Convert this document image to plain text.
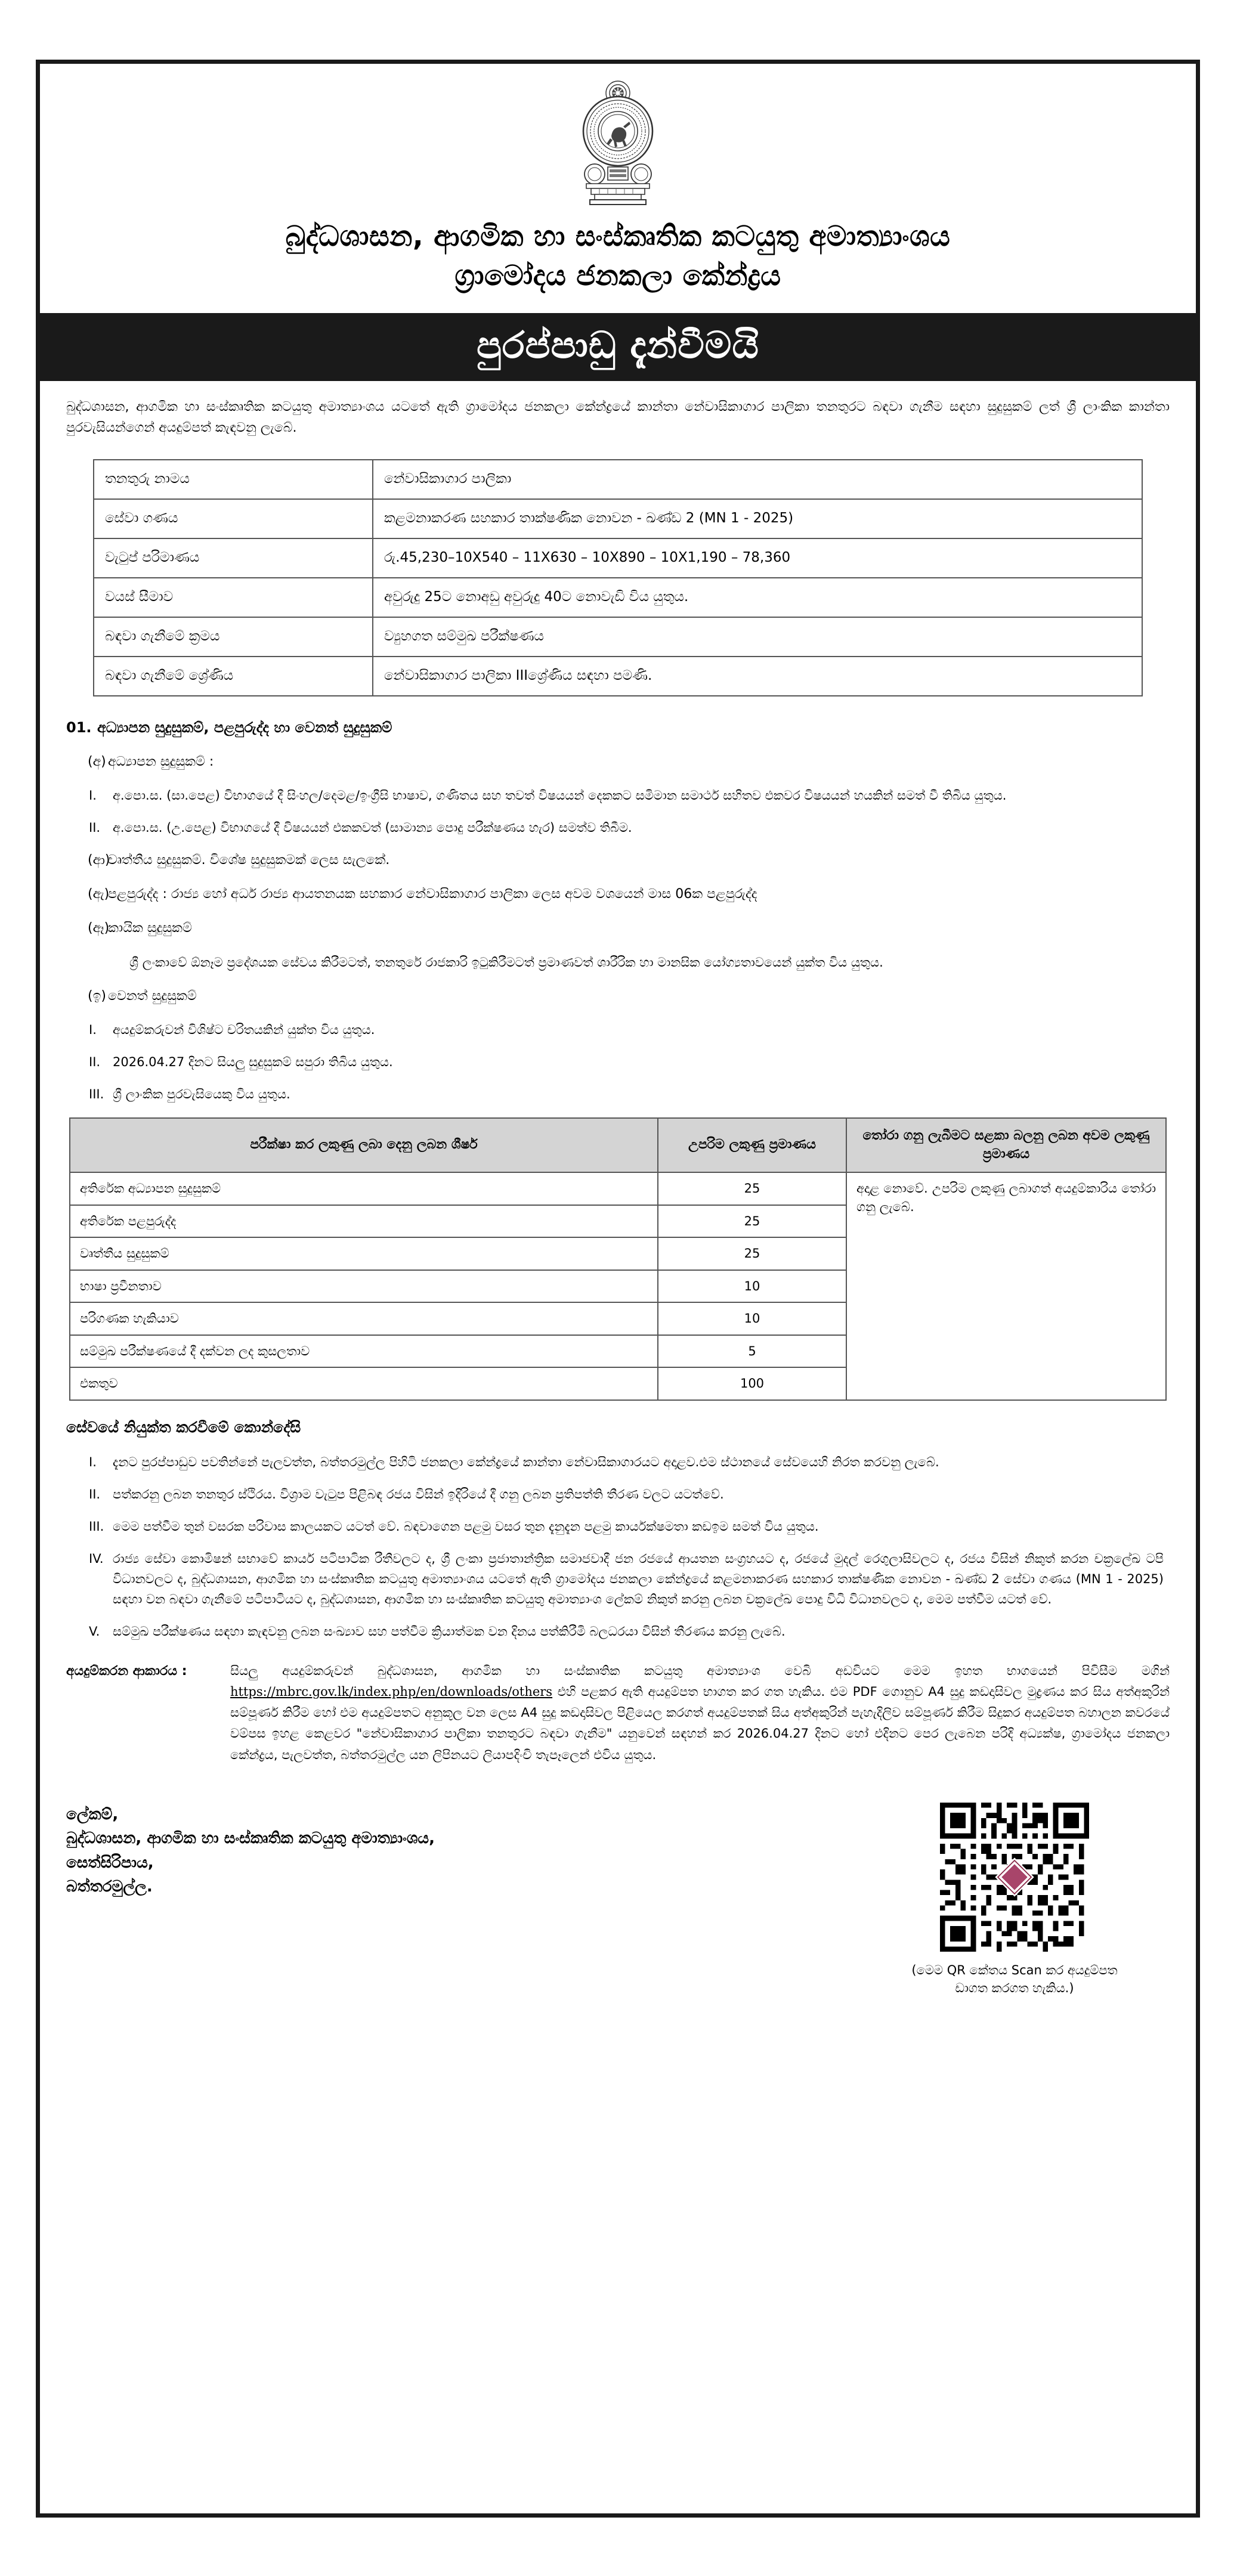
බුද්ධශාසන, ආගමික හා සංස්කෘතික කටයුතු අමාත්‍යාංශය
ග්‍රාමෝදය ජනකලා කේන්ද්‍රය
පුරප්පාඩු දැන්වීමයි

බුද්ධශාසන, ආගමික හා සංස්කෘතික කටයුතු අමාත්‍යාංශය යටතේ ඇති ග්‍රාමෝදය ජනකලා කේන්ද්‍රයේ කාන්තා නේවාසිකාගාර පාලිකා තනතුරට බඳවා ගැනීම සඳහා සුදුසුකම් ලත් ශ්‍රී ලාංකික කාන්තා පුරවැසියන්ගෙන් අයදුම්පත් කැඳවනු ලැබේ.

තනතුරු නාමය	නේවාසිකාගාර පාලිකා
සේවා ගණය	කළමනාකරණ සහකාර තාක්ෂණික නොවන - ඛණ්ඩ 2 (MN 1 - 2025)
වැටුප් පරිමාණය	රු.45,230–10X540 – 11X630 – 10X890 – 10X1,190 – 78,360
වයස් සීමාව	අවුරුදු 25ට නොඅඩු අවුරුදු 40ට නොවැඩි විය යුතුය.
බඳවා ගැනීමේ ක්‍රමය	ව්‍යුහගත සම්මුඛ පරීක්ෂණය
බඳවා ගැනීමේ ශ්‍රේණිය	නේවාසිකාගාර පාලිකා IIIශ්‍රේණිය සඳහා පමණි.
01. අධ්‍යාපන සුදුසුකම්, පළපුරුද්ද හා වෙනත් සුදුසුකම්
(අ) අධ්‍යාපන සුදුසුකම් :
I.	අ.පො.ස. (සා.පෙළ) විභාගයේ දී සිංහල/දෙමළ/ඉංග්‍රීසි භාෂාව, ගණිතය සහ තවත් විෂයයන් දෙකකට සමිමාන සමාර්ථ සහිතව එකවර විෂයයන් හයකින් සමත් වී තිබිය යුතුය.
II. අ.පො.ස. (උ.පෙළ) විභාගයේ දී විෂයයන් එකකවත් (සාමාන්‍ය පොදු පරීක්ෂණය හැර) සමත්ව තිබීම.
(ආ)
වෘත්තීය සුදුසුකම්. විශේෂ සුදුසුකමක් ලෙස සැලකේ.
(ඇ)
පළපුරුද්ද : රාජ්‍ය හෝ අර්ධ රාජ්‍ය ආයතනයක සහකාර නේවාසිකාගාර පාලිකා ලෙස අවම වශයෙන් මාස 06ක පළපුරුද්ද
(ඈ)
කායික සුදුසුකම්
ශ්‍රී ලංකාවේ ඕනෑම ප්‍රදේශයක සේවය කිරීමටත්, තනතුරේ රාජකාරි ඉටුකිරීමටත් ප්‍රමාණවත් ශාරීරික හා මානසික යෝග්‍යතාවයෙන් යුක්ත විය යුතුය.
(ඉ) වෙනත් සුදුසුකම්
I.	අයදුම්කරුවන් විශිෂ්ට චරිතයකින් යුක්ත විය යුතුය.
II. 2026.04.27 දිනට සියලු සුදුසුකම් සපුරා තිබිය යුතුය.
III. ශ්‍රී ලාංකික පුරවැසියෙකු විය යුතුය.
පරීක්ෂා කර ලකුණු ලබා දෙනු ලබන ශීර්ෂ	උපරිම ලකුණු ප්‍රමාණය	තෝරා ගනු ලැබීමට සළකා බලනු ලබන අවම ලකුණු ප්‍රමාණය
අතිරේක අධ්‍යාපන සුදුසුකම්	25	අදාළ නොවේ. උපරිම ලකුණු ලබාගත් අයදුම්කාරිය තෝරා ගනු ලැබේ.
අතිරේක පළපුරුද්ද	25	
වෘත්තීය සුදුසුකම්	25	
භාෂා ප්‍රවීනතාව	10	
පරිගණක හැකියාව	10	
සම්මුඛ පරීක්ෂණයේ දී දක්වන ලද කුසලතාව	5	
එකතුව	100	
සේවයේ නියුක්ත කරවීමේ කොන්දේසි
I.	දැනට පුරප්පාඩුව පවතින්නේ පැලවත්ත, බත්තරමුල්ල පිහිටි ජනකලා කේන්ද්‍රයේ කාන්තා නේවාසිකාගාරයට අදාළව.එම ස්ථානයේ සේවයෙහි නිරත කරවනු ලැබේ.
II. පත්කරනු ලබන තනතුර ස්ථිරය. විශ්‍රාම වැටුප පිළිබඳ රජය විසින් ඉදිරියේ දී ගනු ලබන ප්‍රතිපත්ති තීරණ වලට යටත්වේ.
III. මෙම පත්වීම තුන් වසරක පරිවාස කාලයකට යටත් වේ. බඳවාගෙන පළමු වසර තුන දැනුදැන පළමු කාර්යක්ෂමතා කඩඉම සමත් විය යුතුය.
IV. රාජ්‍ය සේවා කොමිෂන් සභාවේ කාර්ය පටිපාටික රීතීවලට ද, ශ්‍රී ලංකා ප්‍රජාතාන්ත්‍රික සමාජවාදී ජන රජයේ ආයතන සංග්‍රහයට ද, රජයේ මුදල් රෙගුලාසිවලට ද, රජය විසින් නිකුත් කරන චක්‍රලේඛ ටපි විධානවලට ද, බුද්ධශාසන, ආගමික හා සංස්කෘතික කටයුතු අමාත්‍යාංශය යටතේ ඇති ග්‍රාමෝදය ජනකලා කේන්ද්‍රයේ කළමනාකරණ සහකාර තාක්ෂණික නොවන - ඛණ්ඩ 2 සේවා ගණය (MN 1 - 2025) සඳහා වන බඳවා ගැනීමේ පටිපාටියට ද, බුද්ධශාසන, ආගමික හා සංස්කෘතික කටයුතු අමාත්‍යාංශ ලේකම් නිකුත් කරනු ලබන චක්‍රලේඛ පොදු විධි විධානවලට ද, මෙම පත්වීම යටත් වේ.
V.	සම්මුඛ පරීක්ෂණය සඳහා කැඳවනු ලබන සංඛ්‍යාව සහ පත්වීම ක්‍රියාත්මක වන දිනය පත්කිරීමි බලධරයා විසින් තීරණය කරනු ලැබේ.
අයදුම්කරන ආකාරය :	සියලු අයදුම්කරුවන් බුද්ධශාසන, ආගමික හා සංස්කෘතික කටයුතු අමාත්‍යාංශ වෙබි අඩවියට මෙම ඉහත භාගයෙන් පිවිසීම මගින් https://mbrc.gov.lk/index.php/en/downloads/others එහි පළකර ඇති අයදුම්පත භාගත කර ගත හැකිය. එම PDF ගොනුව A4 සුදු කඩදාසිවල මුද්‍රණය කර සිය අත්අකුරින් සම්පූර්ණ කිරීම හෝ එම අයදුම්පතට අනුකූල වන ලෙස A4 සුදු කඩදාසිවල පිළියෙල කරගත් අයදුම්පතක් සිය අත්අකුරින් පැහැදිලිව සම්පූර්ණ කිරීම සිදුකර අයදුම්පත බහාලන කවරයේ වම්පස ඉහළ කෙළවර "නේවාසිකාගාර පාලිකා තනතුරට බඳවා ගැනීම" යනුවෙන් සඳහන් කර 2026.04.27 දිනට හෝ එදිනට පෙර ලැබෙන පරිදි අධ්‍යක්ෂ, ග්‍රාමෝදය ජනකලා කේන්ද්‍රය, පැලවත්ත, බත්තරමුල්ල යන ලිපිනයට ලියාපදිංචි තැපෑලෙන් එවිය යුතුය.
ලේකම්,
බුද්ධශාසන, ආගමික හා සංස්කෘතික කටයුතු අමාත්‍යාංශය,
සෙත්සිරිපාය,
බත්තරමුල්ල.
(මෙම QR කේතය Scan කර අයදුම්පත
ඩාගත කරගත හැකිය.)
